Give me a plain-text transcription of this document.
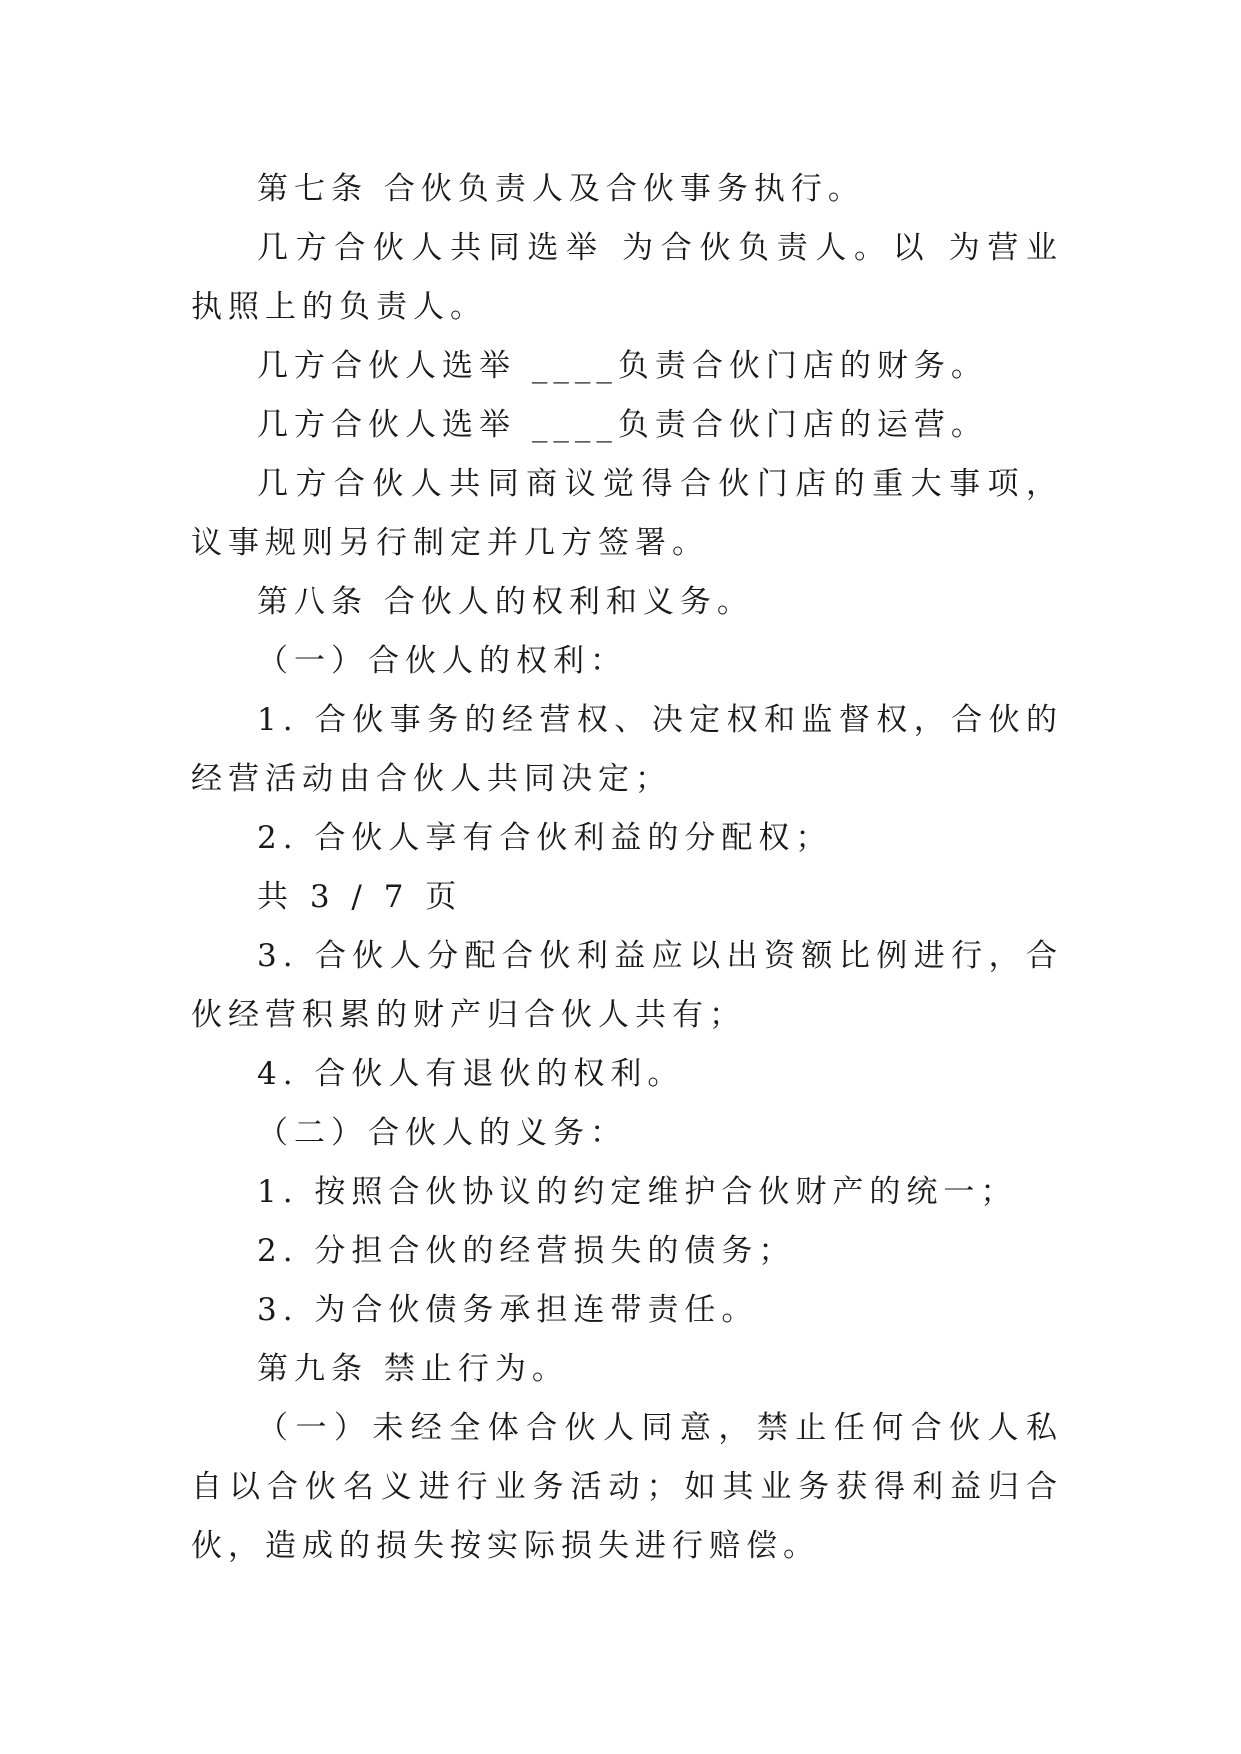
第七条 合伙负责人及合伙事务执行。

几方合伙人共同选举 为合伙负责人。以 为营业执照上的负责人。

几方合伙人选举 ____负责合伙门店的财务。

几方合伙人选举 ____负责合伙门店的运营。

几方合伙人共同商议觉得合伙门店的重大事项，议事规则另行制定并几方签署。

第八条 合伙人的权利和义务。

（一）合伙人的权利：

1. 合伙事务的经营权、决定权和监督权，合伙的经营活动由合伙人共同决定；

2. 合伙人享有合伙利益的分配权；

共 3 / 7 页

3. 合伙人分配合伙利益应以出资额比例进行，合伙经营积累的财产归合伙人共有；

4. 合伙人有退伙的权利。

（二）合伙人的义务：

1. 按照合伙协议的约定维护合伙财产的统一；

2. 分担合伙的经营损失的债务；

3. 为合伙债务承担连带责任。

第九条 禁止行为。

（一）未经全体合伙人同意，禁止任何合伙人私自以合伙名义进行业务活动；如其业务获得利益归合伙，造成的损失按实际损失进行赔偿。
